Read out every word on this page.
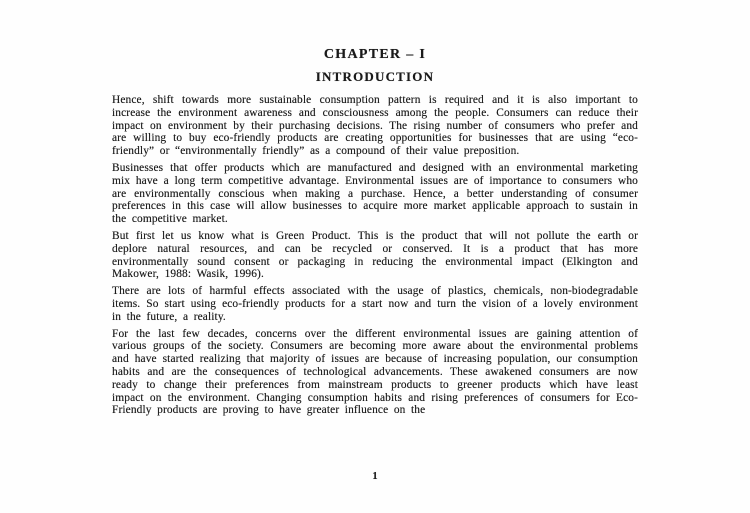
CHAPTER – I
INTRODUCTION

Hence, shift towards more sustainable consumption pattern is required and it is also important to increase the environment awareness and consciousness among the people. Consumers can reduce their impact on environment by their purchasing decisions. The rising number of consumers who prefer and are willing to buy eco-friendly products are creating opportunities for businesses that are using “eco-friendly” or “environmentally friendly” as a compound of their value preposition.

Businesses that offer products which are manufactured and designed with an environmental marketing mix have a long term competitive advantage. Environmental issues are of importance to consumers who are environmentally conscious when making a purchase. Hence, a better understanding of consumer preferences in this case will allow businesses to acquire more market applicable approach to sustain in the competitive market.

But first let us know what is Green Product. This is the product that will not pollute the earth or deplore natural resources, and can be recycled or conserved. It is a product that has more environmentally sound consent or packaging in reducing the environmental impact (Elkington and Makower, 1988: Wasik, 1996).

There are lots of harmful effects associated with the usage of plastics, chemicals, non-biodegradable items. So start using eco-friendly products for a start now and turn the vision of a lovely environment in the future, a reality.

For the last few decades, concerns over the different environmental issues are gaining attention of various groups of the society. Consumers are becoming more aware about the environmental problems and have started realizing that majority of issues are because of increasing population, our consumption habits and are the consequences of technological advancements. These awakened consumers are now ready to change their preferences from mainstream products to greener products which have least impact on the environment. Changing consumption habits and rising preferences of consumers for Eco- Friendly products are proving to have greater influence on the

1
